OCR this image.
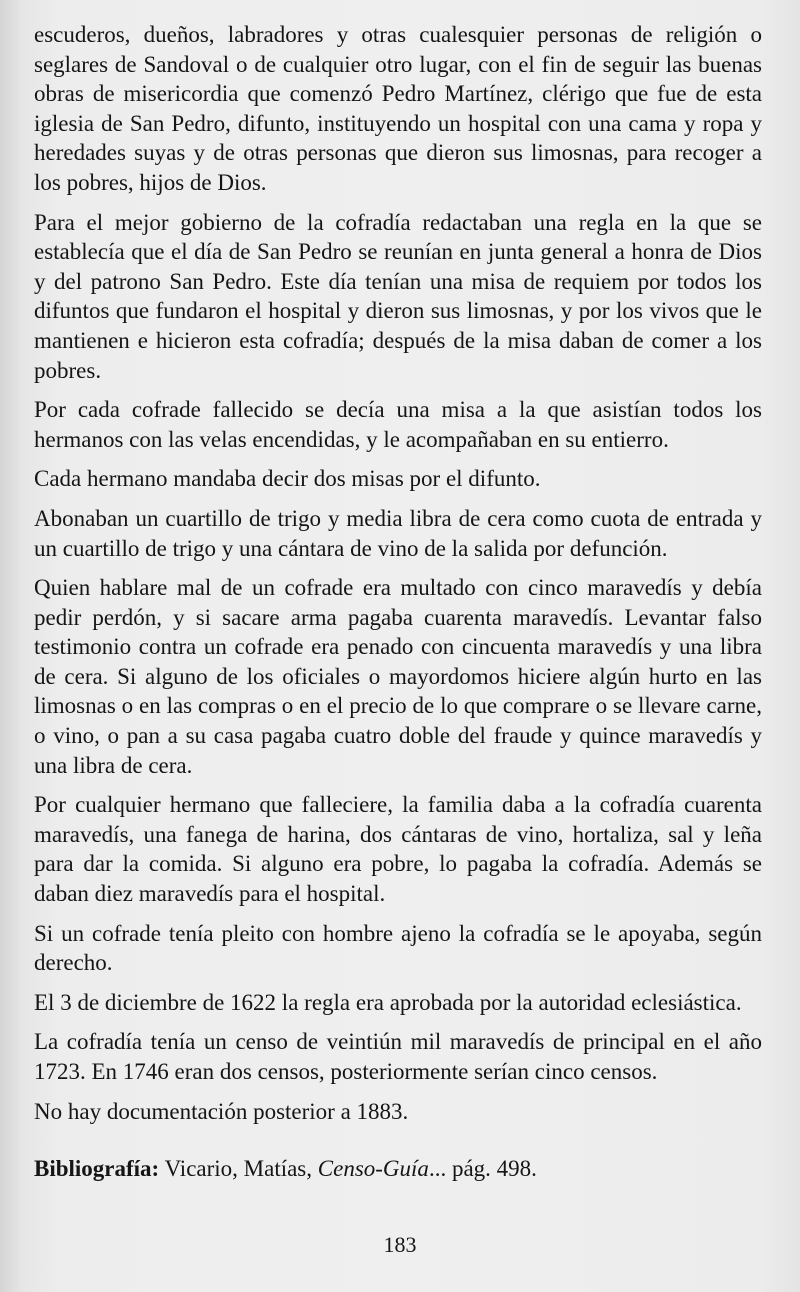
escuderos, dueños, labradores y otras cualesquier personas de religión o seglares de Sandoval o de cualquier otro lugar, con el fin de seguir las buenas obras de misericordia que comenzó Pedro Martínez, clérigo que fue de esta iglesia de San Pedro, difunto, instituyendo un hospital con una cama y ropa y heredades suyas y de otras personas que dieron sus limosnas, para recoger a los pobres, hijos de Dios.

Para el mejor gobierno de la cofradía redactaban una regla en la que se establecía que el día de San Pedro se reunían en junta general a honra de Dios y del patrono San Pedro. Este día tenían una misa de requiem por todos los difuntos que fundaron el hospital y dieron sus limosnas, y por los vivos que le mantienen e hicieron esta cofradía; después de la misa daban de comer a los pobres.

Por cada cofrade fallecido se decía una misa a la que asistían todos los hermanos con las velas encendidas, y le acompañaban en su entierro.

Cada hermano mandaba decir dos misas por el difunto.

Abonaban un cuartillo de trigo y media libra de cera como cuota de entrada y un cuartillo de trigo y una cántara de vino de la salida por defunción.

Quien hablare mal de un cofrade era multado con cinco maravedís y debía pedir perdón, y si sacare arma pagaba cuarenta maravedís. Levantar falso testimonio contra un cofrade era penado con cincuenta maravedís y una libra de cera. Si alguno de los oficiales o mayordomos hiciere algún hurto en las limosnas o en las compras o en el precio de lo que comprare o se llevare carne, o vino, o pan a su casa pagaba cuatro doble del fraude y quince maravedís y una libra de cera.

Por cualquier hermano que falleciere, la familia daba a la cofradía cuarenta maravedís, una fanega de harina, dos cántaras de vino, hortaliza, sal y leña para dar la comida. Si alguno era pobre, lo pagaba la cofradía. Además se daban diez maravedís para el hospital.

Si un cofrade tenía pleito con hombre ajeno la cofradía se le apoyaba, según derecho.

El 3 de diciembre de 1622 la regla era aprobada por la autoridad eclesiástica.

La cofradía tenía un censo de veintiún mil maravedís de principal en el año 1723. En 1746 eran dos censos, posteriormente serían cinco censos.

No hay documentación posterior a 1883.

Bibliografía: Vicario, Matías, Censo-Guía... pág. 498.
183
